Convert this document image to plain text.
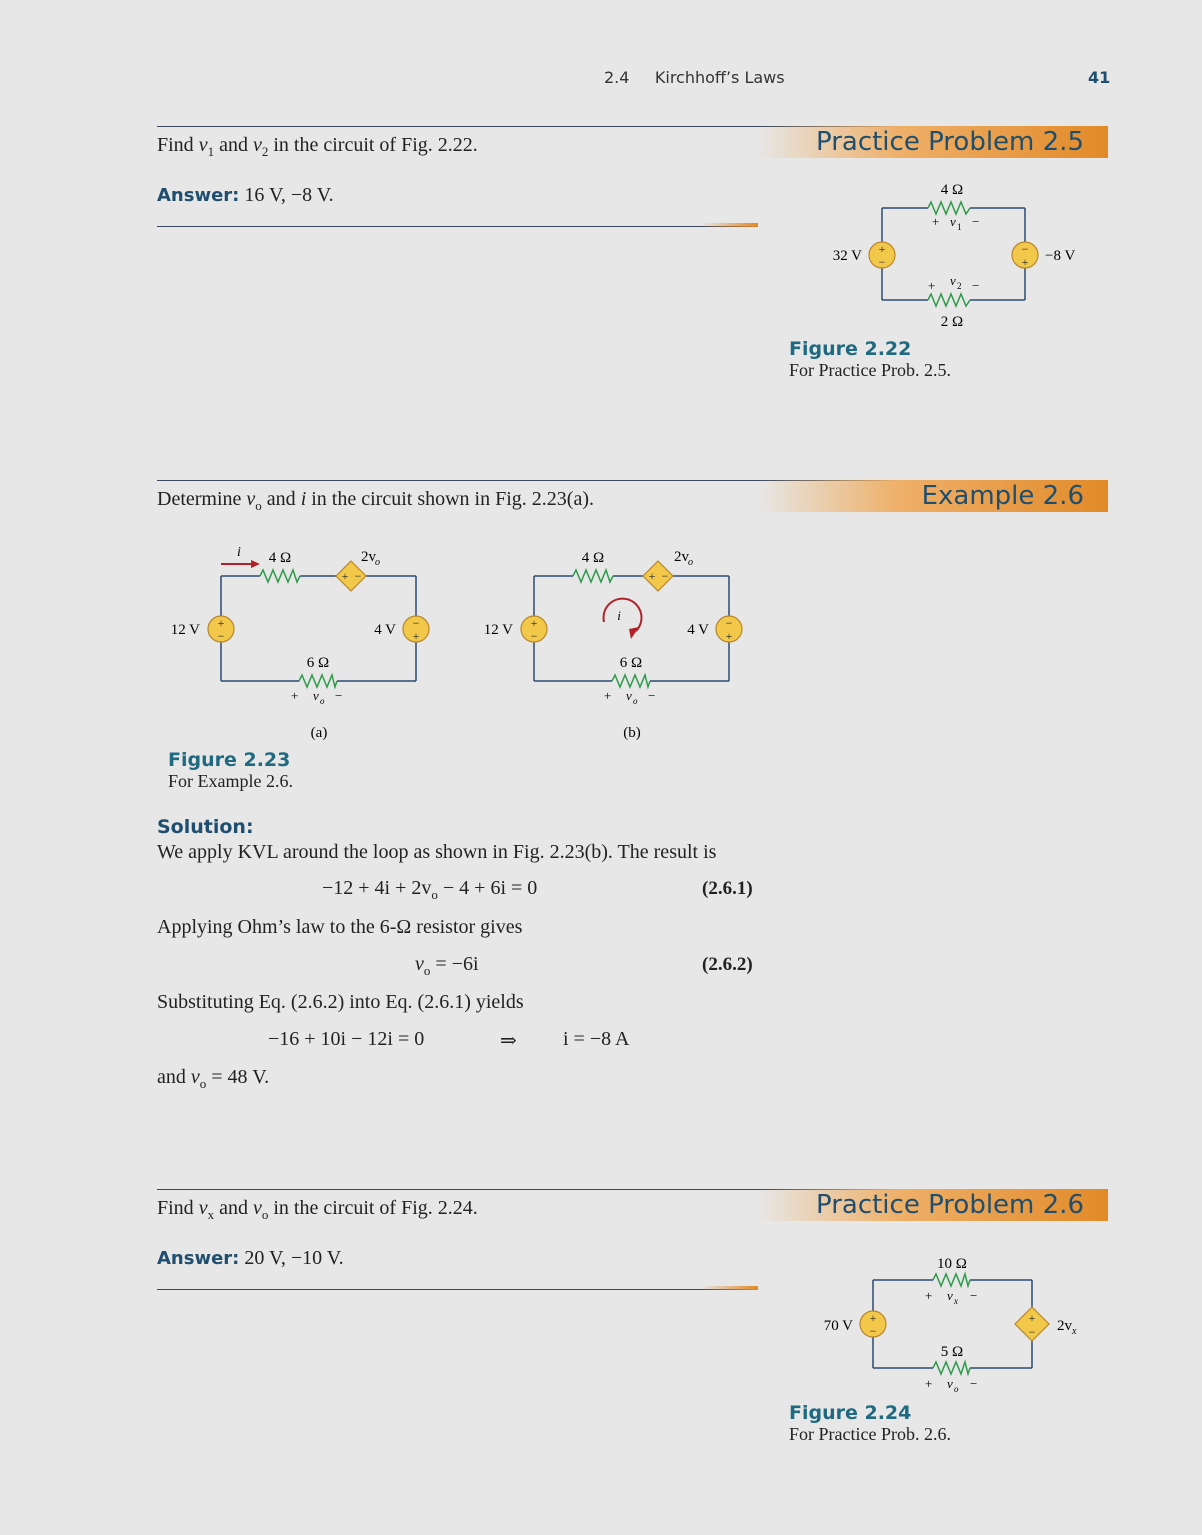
2.4 Kirchhoff’s Laws	41
Practice Problem 2.5
Find $v_1$ and $v_2$ in the circuit of Fig. 2.22.
Answer: 16 V, −8 V.
+
−
−
+
4 Ω
2 Ω
32 V	−8 V
+ v 1 −
+ v 2 −
Figure 2.22
For Practice Prob. 2.5.
Example 2.6
Determine $v_o$ and i in the circuit shown in Fig. 2.23(a).
+ −
+
−
−
+
i 4 Ω	2v o
12 V	4 V
6 Ω
+ v o −
(a)
+ −
+
−
−
+
i
4 Ω	2v o
12 V	4 V
6 Ω
+ v o −
(b)
Figure 2.23
For Example 2.6.
Solution:
We apply KVL around the loop as shown in Fig. 2.23(b). The result is
$-12 + 4i + 2v_o - 4 + 6i = 0$	(2.6.1)
Applying Ohm’s law to the 6-Ω resistor gives
$v_o = -6i$	(2.6.2)
Substituting Eq. (2.6.2) into Eq. (2.6.1) yields
−16 + 10i − 12i = 0	⇒ i = −8 A
and $v_o = 48$ V.
Practice Problem 2.6
Find $v_x$ and $v_o$ in the circuit of Fig. 2.24.
Answer: 20 V, −10 V.
+
−
+
−
10 Ω
5 Ω
70 V	2v x
+ v x −
+ v o −
Figure 2.24
For Practice Prob. 2.6.
